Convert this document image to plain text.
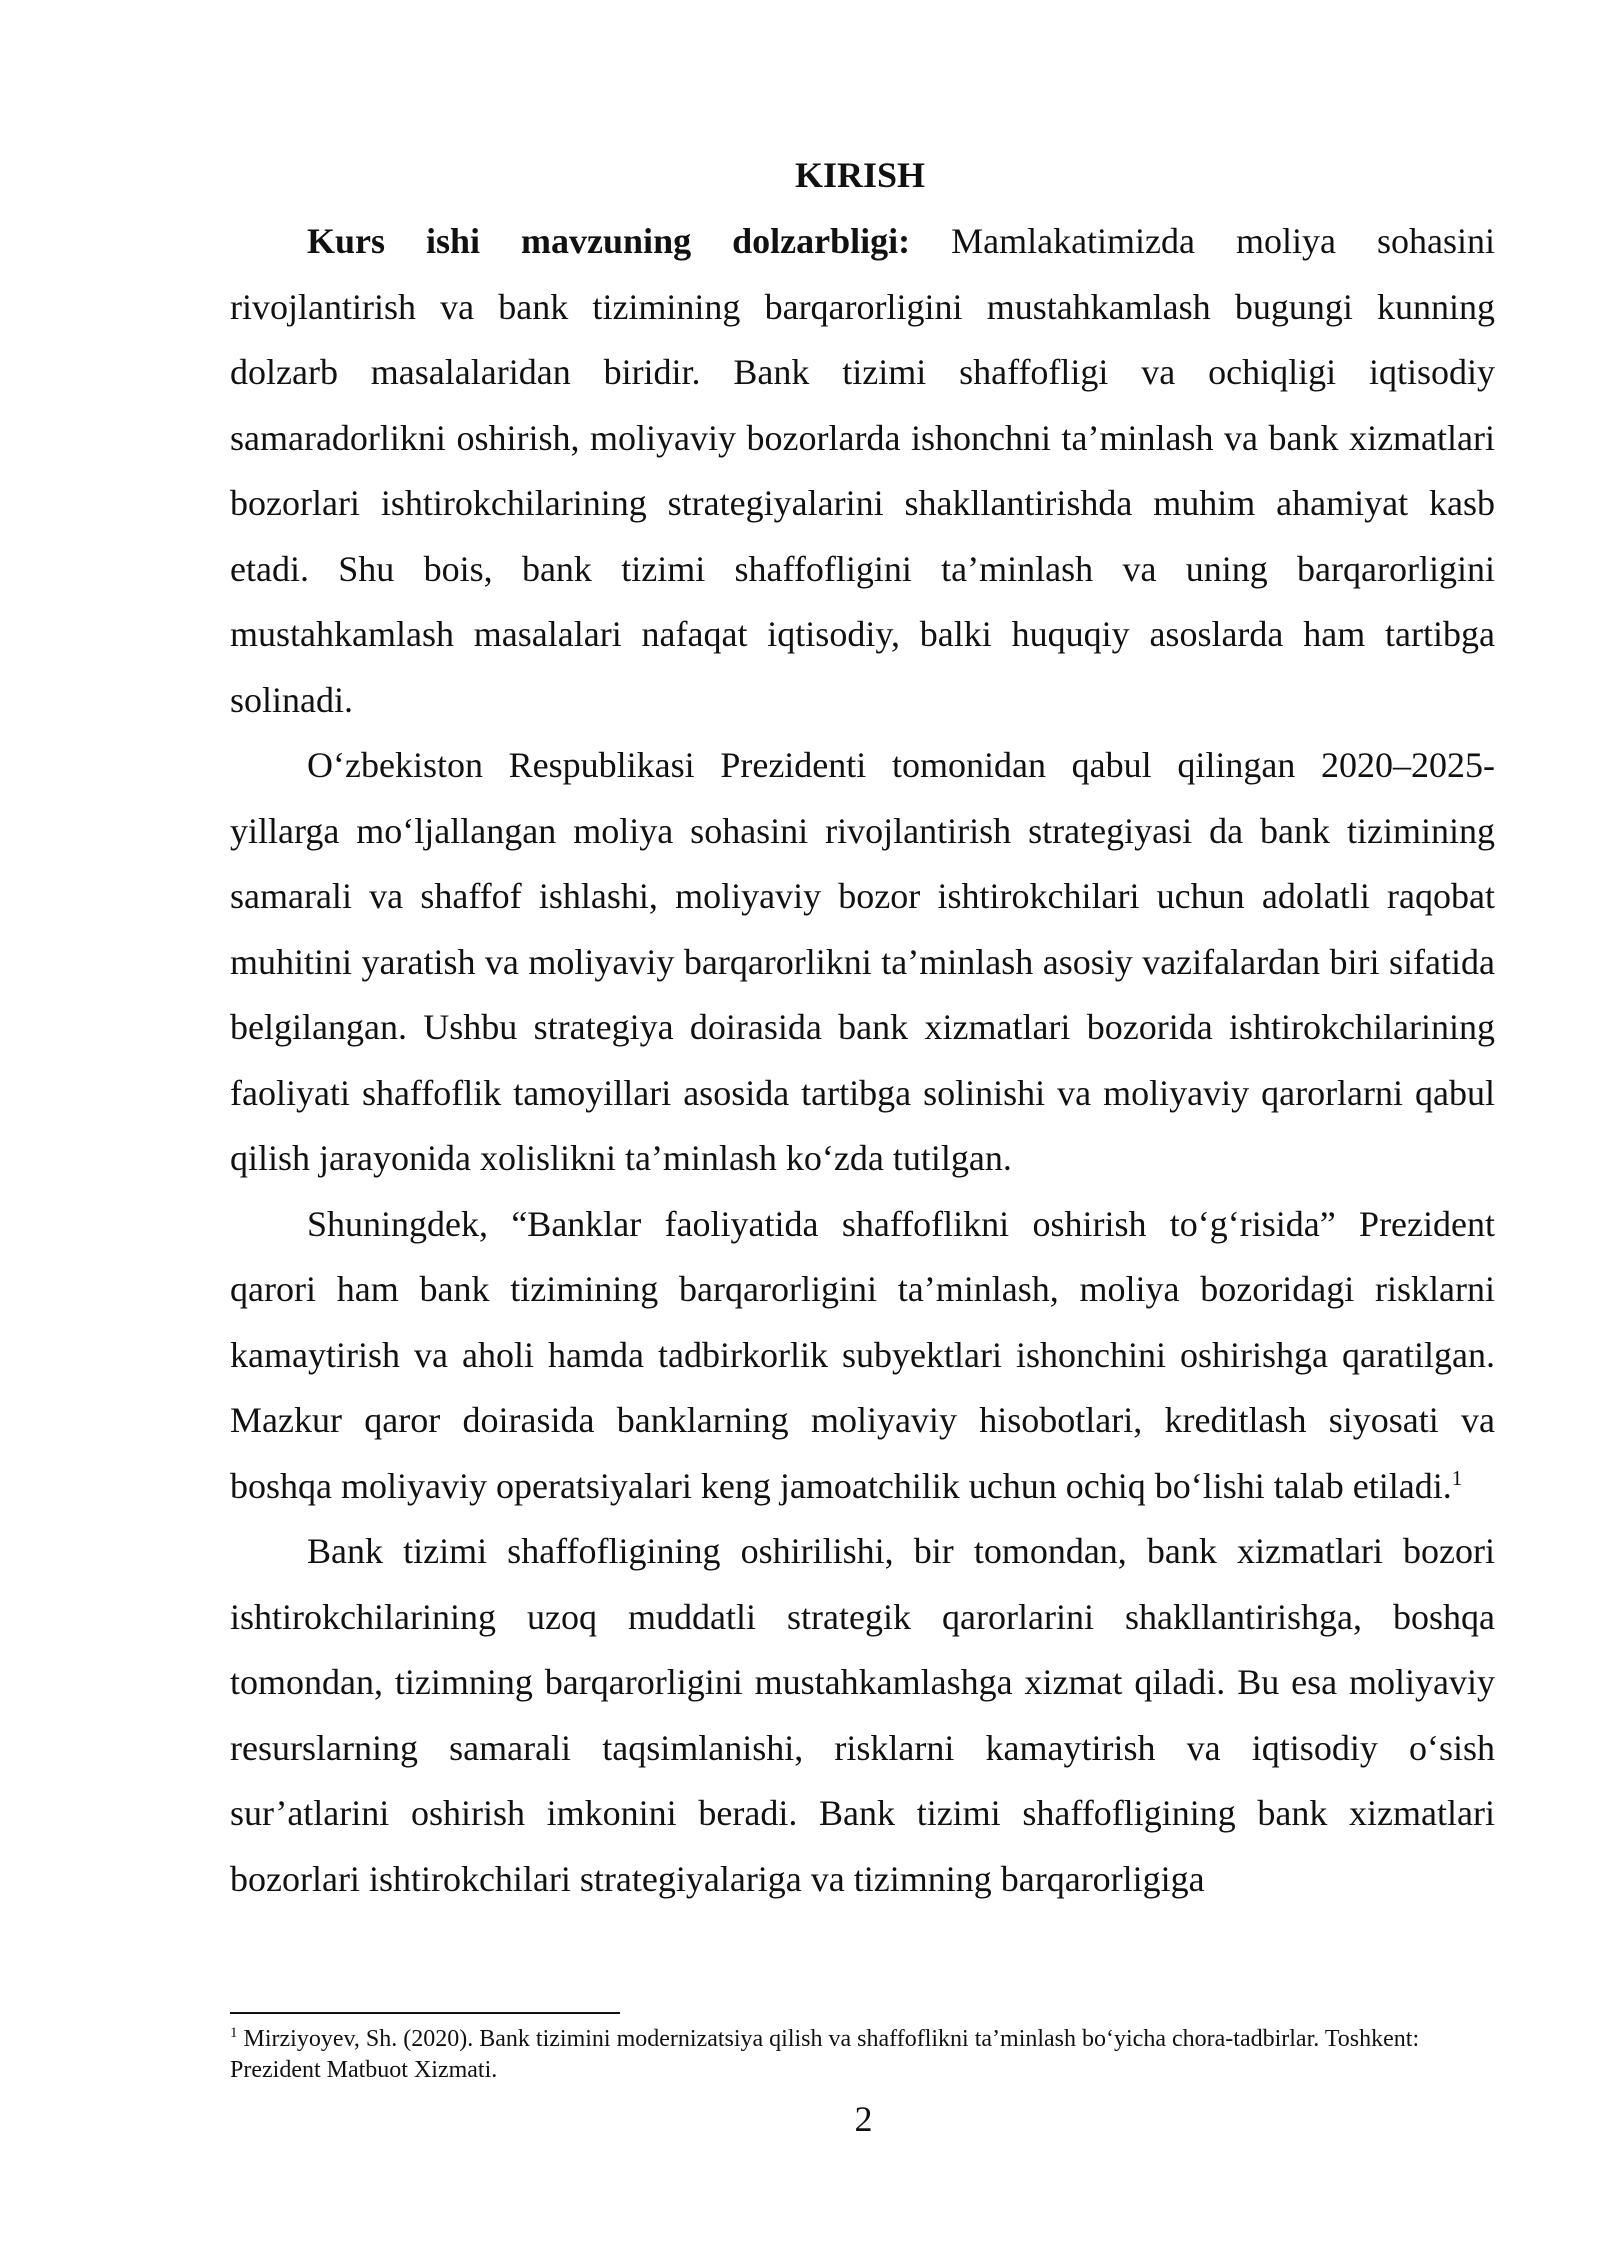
KIRISH

Kurs ishi mavzuning dolzarbligi: Mamlakatimizda moliya sohasini rivojlantirish va bank tizimining barqarorligini mustahkamlash bugungi kunning dolzarb masalalaridan biridir. Bank tizimi shaffofligi va ochiqligi iqtisodiy samaradorlikni oshirish, moliyaviy bozorlarda ishonchni ta’minlash va bank xizmatlari bozorlari ishtirokchilarining strategiyalarini shakllantirishda muhim ahamiyat kasb etadi. Shu bois, bank tizimi shaffofligini ta’minlash va uning barqarorligini mustahkamlash masalalari nafaqat iqtisodiy, balki huquqiy asoslarda ham tartibga solinadi.

O‘zbekiston Respublikasi Prezidenti tomonidan qabul qilingan 2020–2025-yillarga mo‘ljallangan moliya sohasini rivojlantirish strategiyasi da bank tizimining samarali va shaffof ishlashi, moliyaviy bozor ishtirokchilari uchun adolatli raqobat muhitini yaratish va moliyaviy barqarorlikni ta’minlash asosiy vazifalardan biri sifatida belgilangan. Ushbu strategiya doirasida bank xizmatlari bozorida ishtirokchilarining faoliyati shaffoflik tamoyillari asosida tartibga solinishi va moliyaviy qarorlarni qabul qilish jarayonida xolislikni ta’minlash ko‘zda tutilgan.

Shuningdek, “Banklar faoliyatida shaffoflikni oshirish to‘g‘risida” Prezident qarori ham bank tizimining barqarorligini ta’minlash, moliya bozoridagi risklarni kamaytirish va aholi hamda tadbirkorlik subyektlari ishonchini oshirishga qaratilgan. Mazkur qaror doirasida banklarning moliyaviy hisobotlari, kreditlash siyosati va boshqa moliyaviy operatsiyalari keng jamoatchilik uchun ochiq bo‘lishi talab etiladi.$^1$

Bank tizimi shaffofligining oshirilishi, bir tomondan, bank xizmatlari bozori ishtirokchilarining uzoq muddatli strategik qarorlarini shakllantirishga, boshqa tomondan, tizimning barqarorligini mustahkamlashga xizmat qiladi. Bu esa moliyaviy resurslarning samarali taqsimlanishi, risklarni kamaytirish va iqtisodiy o‘sish sur’atlarini oshirish imkonini beradi. Bank tizimi shaffofligining bank xizmatlari bozorlari ishtirokchilari strategiyalariga va tizimning barqarorligiga

$^1$ Mirziyoyev, Sh. (2020). Bank tizimini modernizatsiya qilish va shaffoflikni ta’minlash bo‘yicha chora-tadbirlar. Toshkent: Prezident Matbuot Xizmati.
2
